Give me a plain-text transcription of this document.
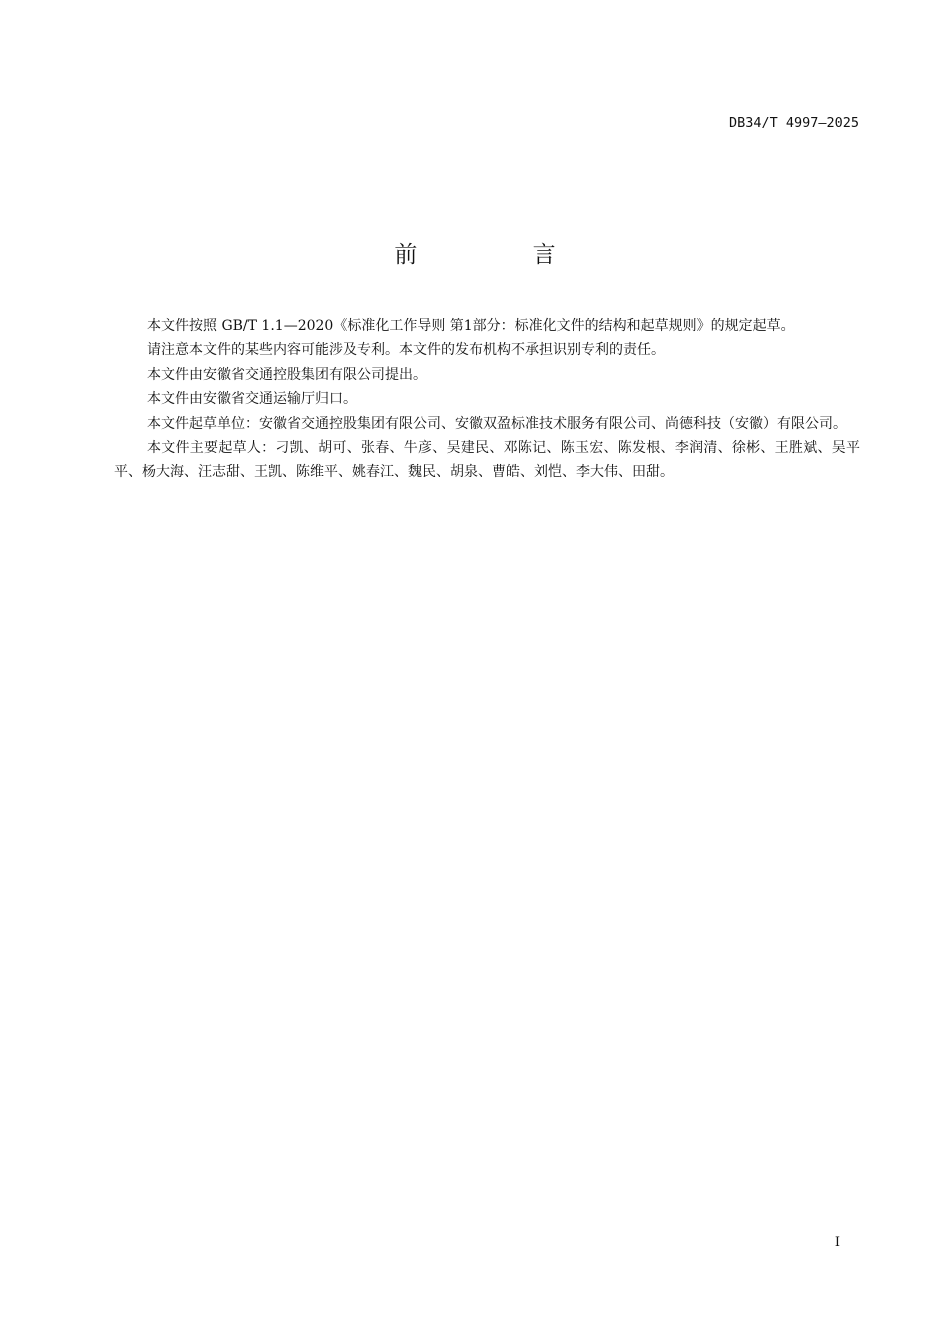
DB34/T 4997—2025
前 言

本文件按照 GB/T 1.1—2020《标准化工作导则 第1部分：标准化文件的结构和起草规则》的规定起草。

请注意本文件的某些内容可能涉及专利。本文件的发布机构不承担识别专利的责任。

本文件由安徽省交通控股集团有限公司提出。

本文件由安徽省交通运输厅归口。

本文件起草单位：安徽省交通控股集团有限公司、安徽双盈标准技术服务有限公司、尚德科技（安徽）有限公司。

本文件主要起草人：刁凯、胡可、张春、牛彦、吴建民、邓陈记、陈玉宏、陈发根、李润清、徐彬、王胜斌、吴平平、杨大海、汪志甜、王凯、陈维平、姚春江、魏民、胡泉、曹皓、刘恺、李大伟、田甜。

I
